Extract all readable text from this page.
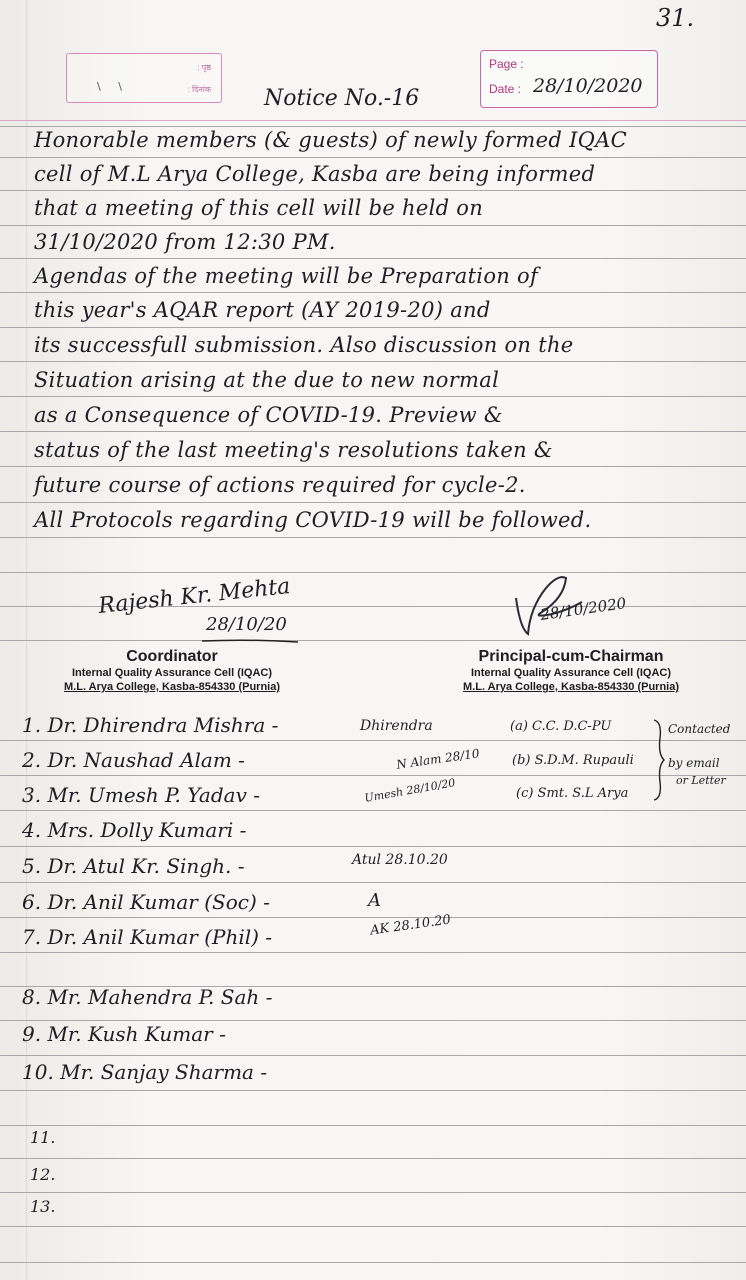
31.
: पृष्ठ
: दिनांक
\     \	Notice No.-16
Page :
Date : 28/10/2020
Honorable members (& guests) of newly formed IQAC
cell of M.L Arya College, Kasba are being informed
that a meeting of this cell will be held on
31/10/2020 from 12:30 PM.
Agendas of the meeting will be Preparation of
this year's AQAR report (AY 2019-20) and
its successfull submission. Also discussion on the
Situation arising at the due to new normal
as a Consequence of COVID-19. Preview &
status of the last meeting's resolutions taken &
future course of actions required for cycle-2.
All Protocols regarding COVID-19 will be followed.
Rajesh Kr. Mehta
28/10/20
28/10/2020
Coordinator
Internal Quality Assurance Cell (IQAC)
M.L. Arya College, Kasba-854330 (Purnia)
Principal-cum-Chairman
Internal Quality Assurance Cell (IQAC)
M.L. Arya College, Kasba-854330 (Purnia)
1. Dr. Dhirendra Mishra -
2. Dr. Naushad Alam -
3. Mr. Umesh P. Yadav -
4. Mrs. Dolly Kumari -
5. Dr. Atul Kr. Singh. -
6. Dr. Anil Kumar (Soc) -
7. Dr. Anil Kumar (Phil) -
8. Mr. Mahendra P. Sah -
9. Mr. Kush Kumar -
10. Mr. Sanjay Sharma -
11.
12.
13.
Dhirendra
N Alam 28/10
Umesh 28/10/20
Atul 28.10.20
A
AK 28.10.20
(a) C.C. D.C-PU
(b) S.D.M. Rupauli
(c) Smt. S.L Arya
Contacted
by email
or Letter
